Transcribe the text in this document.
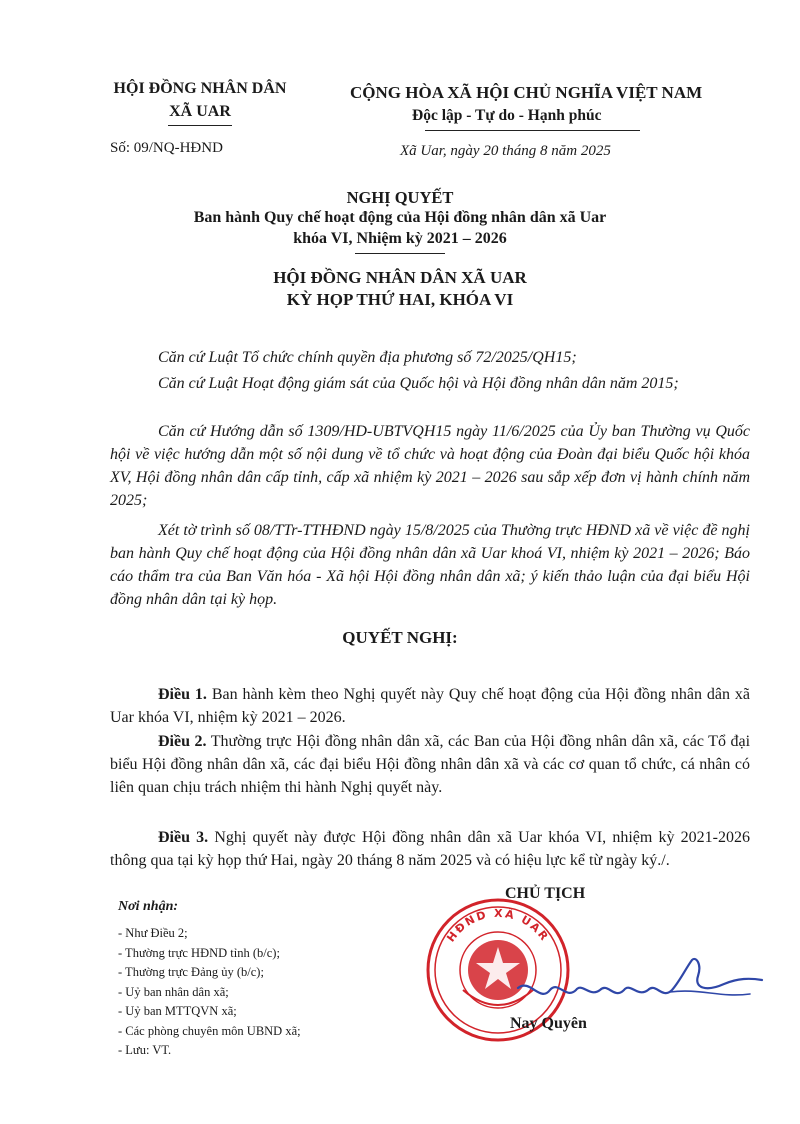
HỘI ĐỒNG NHÂN DÂN
XÃ UAR
Số: 09/NQ-HĐND
CỘNG HÒA XÃ HỘI CHỦ NGHĨA VIỆT NAM
Độc lập - Tự do - Hạnh phúc
Xã Uar, ngày 20 tháng 8 năm 2025
NGHỊ QUYẾT
Ban hành Quy chế hoạt động của Hội đồng nhân dân xã Uar
khóa VI, Nhiệm kỳ 2021 – 2026
HỘI ĐỒNG NHÂN DÂN XÃ UAR
KỲ HỌP THỨ HAI, KHÓA VI
Căn cứ Luật Tổ chức chính quyền địa phương số 72/2025/QH15;
Căn cứ Luật Hoạt động giám sát của Quốc hội và Hội đồng nhân dân năm 2015;
Căn cứ Hướng dẫn số 1309/HD-UBTVQH15 ngày 11/6/2025 của Ủy ban Thường vụ Quốc hội về việc hướng dẫn một số nội dung về tổ chức và hoạt động của Đoàn đại biểu Quốc hội khóa XV, Hội đồng nhân dân cấp tỉnh, cấp xã nhiệm kỳ 2021 – 2026 sau sắp xếp đơn vị hành chính năm 2025;
Xét tờ trình số 08/TTr-TTHĐND ngày 15/8/2025 của Thường trực HĐND xã về việc đề nghị ban hành Quy chế hoạt động của Hội đồng nhân dân xã Uar khoá VI, nhiệm kỳ 2021 – 2026; Báo cáo thẩm tra của Ban Văn hóa - Xã hội Hội đồng nhân dân xã; ý kiến thảo luận của đại biểu Hội đồng nhân dân tại kỳ họp.
QUYẾT NGHỊ:
Điều 1. Ban hành kèm theo Nghị quyết này Quy chế hoạt động của Hội đồng nhân dân xã Uar khóa VI, nhiệm kỳ 2021 – 2026.
Điều 2. Thường trực Hội đồng nhân dân xã, các Ban của Hội đồng nhân dân xã, các Tổ đại biểu Hội đồng nhân dân xã, các đại biểu Hội đồng nhân dân xã và các cơ quan tổ chức, cá nhân có liên quan chịu trách nhiệm thi hành Nghị quyết này.
Điều 3. Nghị quyết này được Hội đồng nhân dân xã Uar khóa VI, nhiệm kỳ 2021-2026 thông qua tại kỳ họp thứ Hai, ngày 20 tháng 8 năm 2025 và có hiệu lực kể từ ngày ký./.
Nơi nhận:
- Như Điều 2;
- Thường trực HĐND tỉnh (b/c);
- Thường trực Đảng ủy (b/c);
- Uỷ ban nhân dân xã;
- Uỷ ban MTTQVN xã;
- Các phòng chuyên môn UBND xã;
- Lưu: VT.
HĐND XÃ UAR
CHỦ TỊCH
Nay Quyên
